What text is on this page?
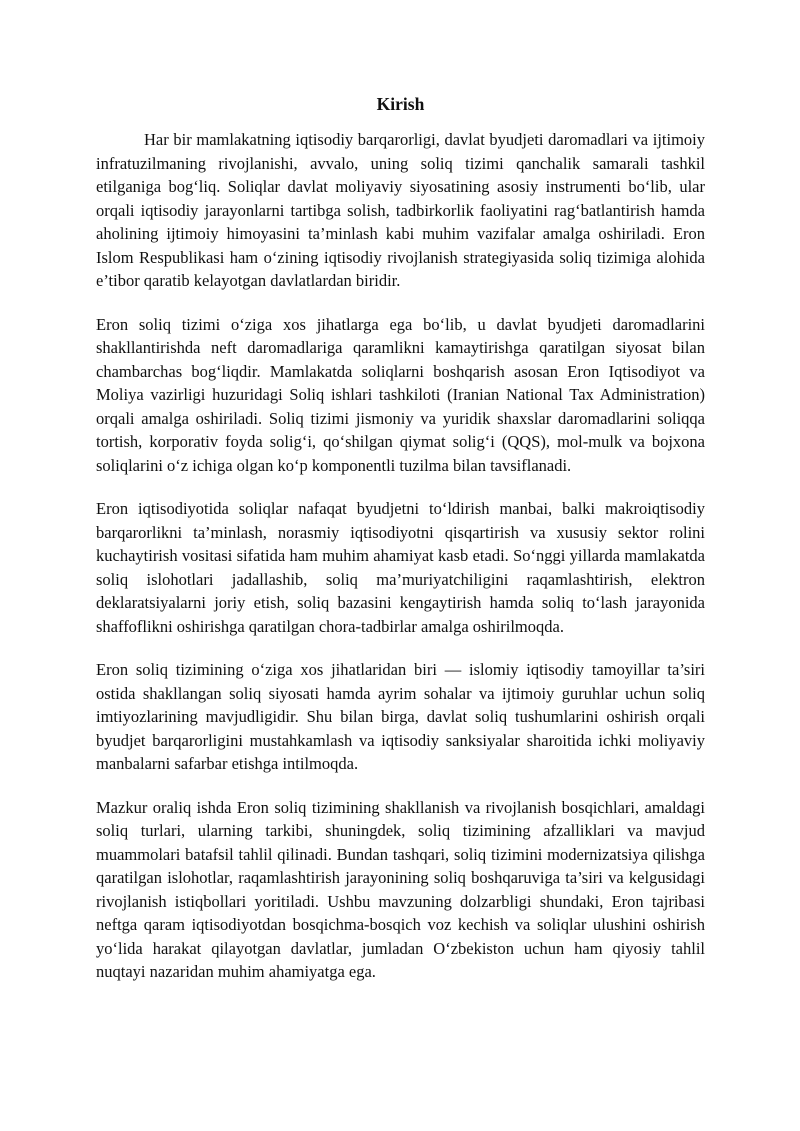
Kirish

Har bir mamlakatning iqtisodiy barqarorligi, davlat byudjeti daromadlari va ijtimoiy infratuzilmaning rivojlanishi, avvalo, uning soliq tizimi qanchalik samarali tashkil etilganiga bog‘liq. Soliqlar davlat moliyaviy siyosatining asosiy instrumenti bo‘lib, ular orqali iqtisodiy jarayonlarni tartibga solish, tadbirkorlik faoliyatini rag‘batlantirish hamda aholining ijtimoiy himoyasini ta’minlash kabi muhim vazifalar amalga oshiriladi. Eron Islom Respublikasi ham o‘zining iqtisodiy rivojlanish strategiyasida soliq tizimiga alohida e’tibor qaratib kelayotgan davlatlardan biridir.

Eron soliq tizimi o‘ziga xos jihatlarga ega bo‘lib, u davlat byudjeti daromadlarini shakllantirishda neft daromadlariga qaramlikni kamaytirishga qaratilgan siyosat bilan chambarchas bog‘liqdir. Mamlakatda soliqlarni boshqarish asosan Eron Iqtisodiyot va Moliya vazirligi huzuridagi Soliq ishlari tashkiloti (Iranian National Tax Administration) orqali amalga oshiriladi. Soliq tizimi jismoniy va yuridik shaxslar daromadlarini soliqqa tortish, korporativ foyda solig‘i, qo‘shilgan qiymat solig‘i (QQS), mol-mulk va bojxona soliqlarini o‘z ichiga olgan ko‘p komponentli tuzilma bilan tavsiflanadi.

Eron iqtisodiyotida soliqlar nafaqat byudjetni to‘ldirish manbai, balki makroiqtisodiy barqarorlikni ta’minlash, norasmiy iqtisodiyotni qisqartirish va xususiy sektor rolini kuchaytirish vositasi sifatida ham muhim ahamiyat kasb etadi. So‘nggi yillarda mamlakatda soliq islohotlari jadallashib, soliq ma’muriyatchiligini raqamlashtirish, elektron deklaratsiyalarni joriy etish, soliq bazasini kengaytirish hamda soliq to‘lash jarayonida shaffoflikni oshirishga qaratilgan chora-tadbirlar amalga oshirilmoqda.

Eron soliq tizimining o‘ziga xos jihatlaridan biri — islomiy iqtisodiy tamoyillar ta’siri ostida shakllangan soliq siyosati hamda ayrim sohalar va ijtimoiy guruhlar uchun soliq imtiyozlarining mavjudligidir. Shu bilan birga, davlat soliq tushumlarini oshirish orqali byudjet barqarorligini mustahkamlash va iqtisodiy sanksiyalar sharoitida ichki moliyaviy manbalarni safarbar etishga intilmoqda.

Mazkur oraliq ishda Eron soliq tizimining shakllanish va rivojlanish bosqichlari, amaldagi soliq turlari, ularning tarkibi, shuningdek, soliq tizimining afzalliklari va mavjud muammolari batafsil tahlil qilinadi. Bundan tashqari, soliq tizimini modernizatsiya qilishga qaratilgan islohotlar, raqamlashtirish jarayonining soliq boshqaruviga ta’siri va kelgusidagi rivojlanish istiqbollari yoritiladi. Ushbu mavzuning dolzarbligi shundaki, Eron tajribasi neftga qaram iqtisodiyotdan bosqichma-bosqich voz kechish va soliqlar ulushini oshirish yo‘lida harakat qilayotgan davlatlar, jumladan O‘zbekiston uchun ham qiyosiy tahlil nuqtayi nazaridan muhim ahamiyatga ega.
